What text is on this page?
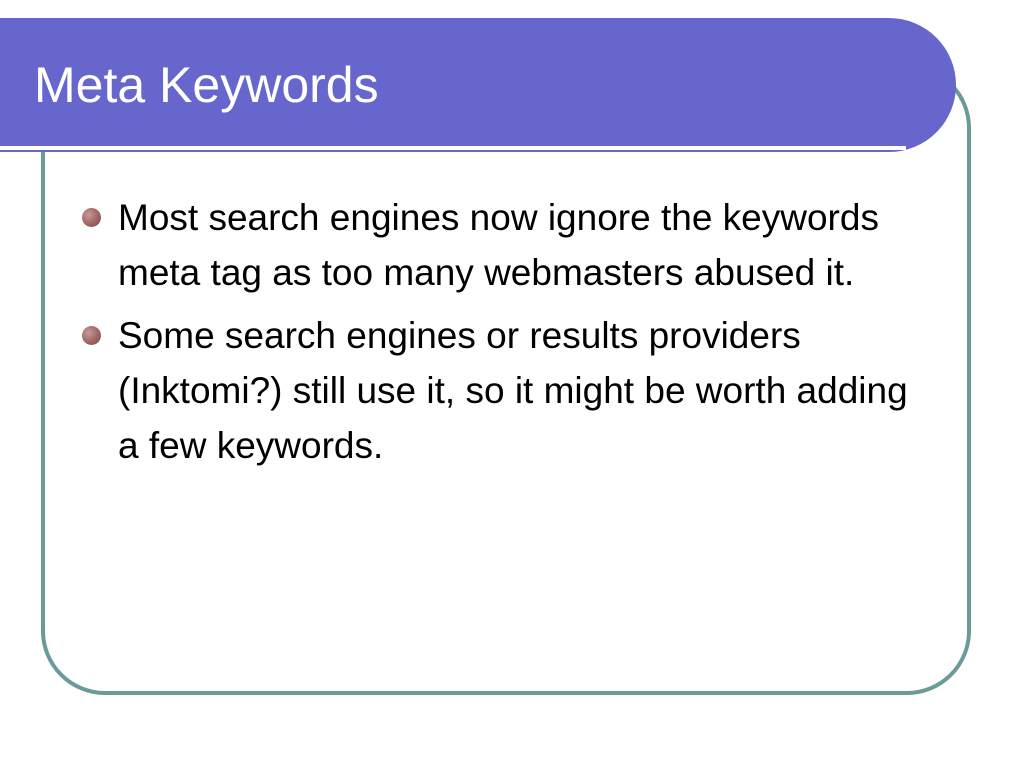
Meta Keywords
Most search engines now ignore the keywords meta tag as too many webmasters abused it.
Some search engines or results providers (Inktomi?) still use it, so it might be worth adding a few keywords.
